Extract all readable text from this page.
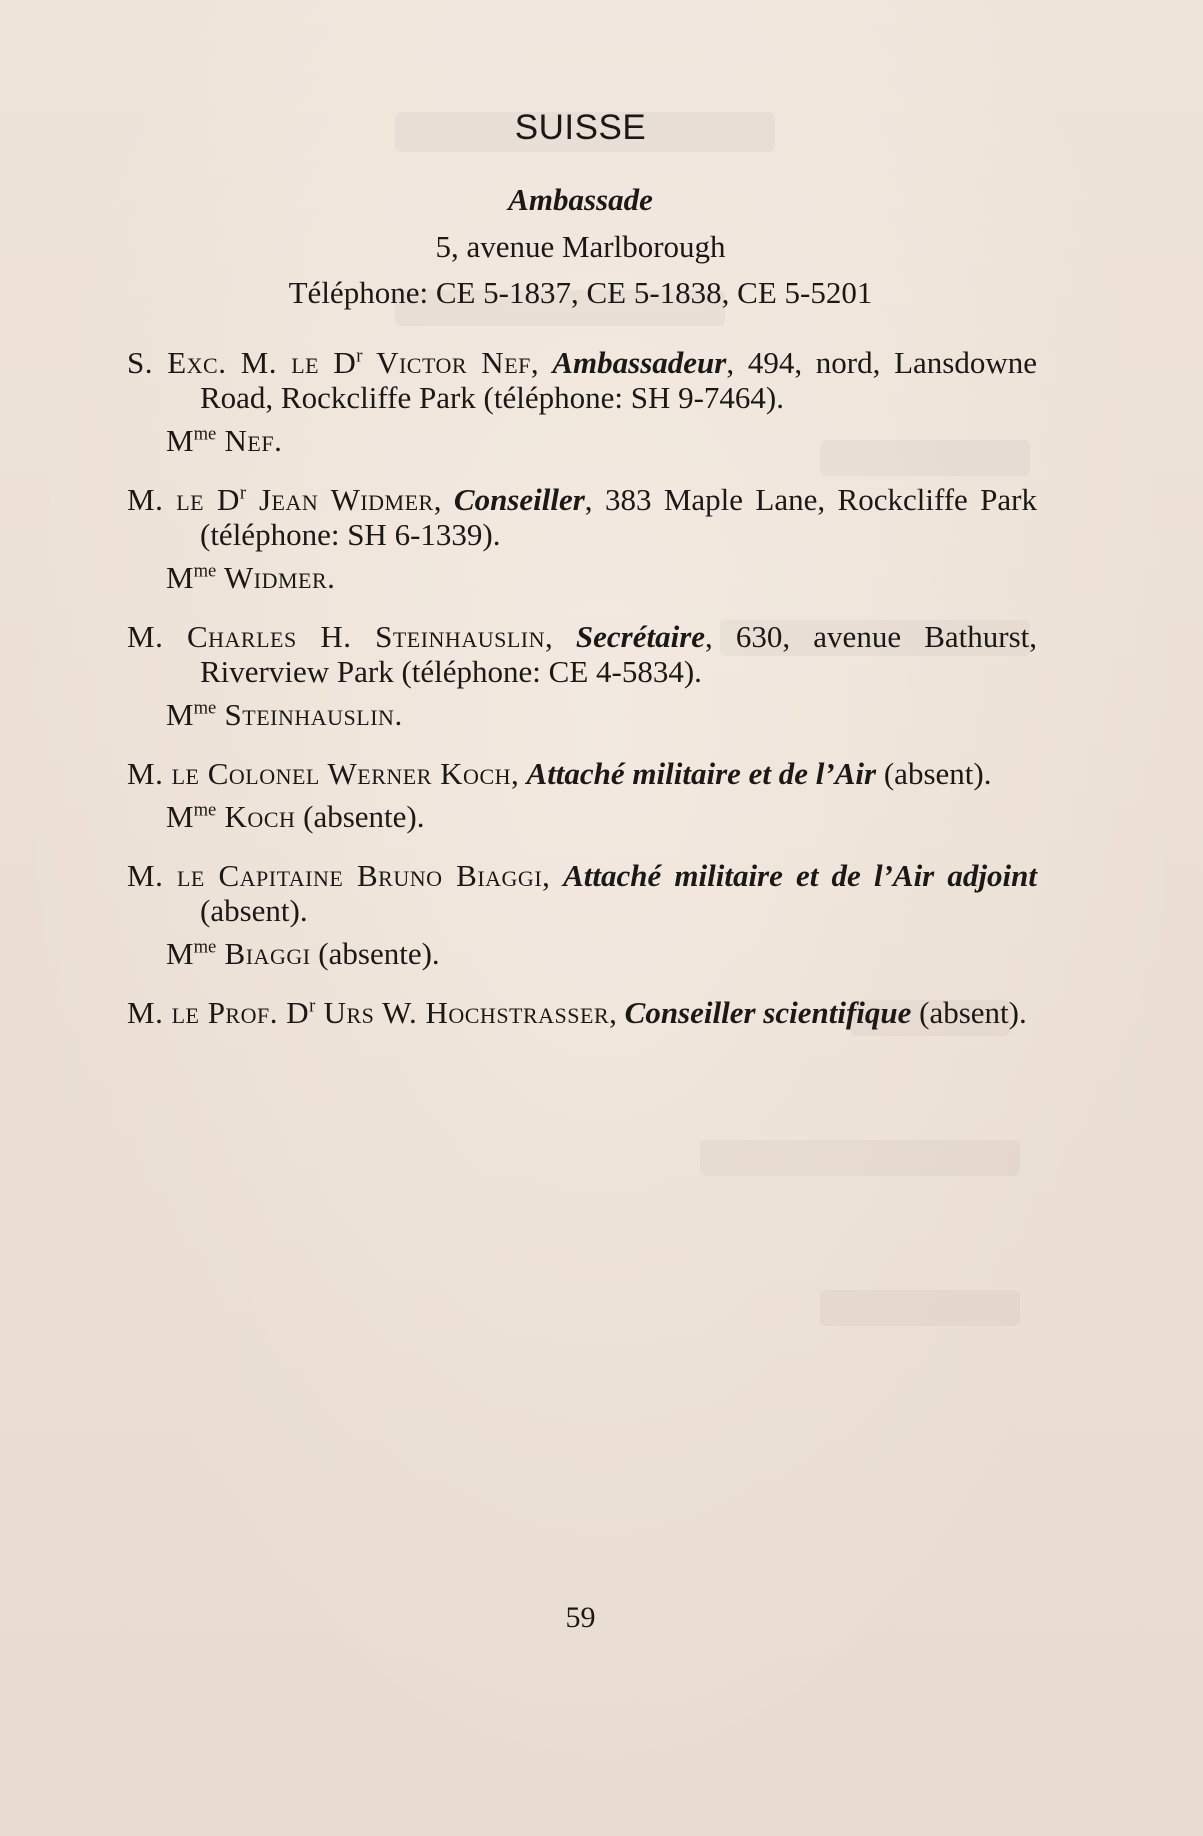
SUISSE
Ambassade
5, avenue Marlborough
Téléphone: CE 5-1837, CE 5-1838, CE 5-5201
S. Exc. M. le $D^r$ Victor Nef, Ambassadeur, 494, nord, Lansdowne Road, Rockcliffe Park (téléphone: SH 9-7464).
$M^{me}$ Nef.
M. le $D^r$ Jean Widmer, Conseiller, 383 Maple Lane, Rockcliffe Park (téléphone: SH 6-1339).
$M^{me}$ Widmer.
M. Charles H. Steinhauslin, Secrétaire, 630, avenue Bathurst, Riverview Park (téléphone: CE 4-5834).
$M^{me}$ Steinhauslin.
M. le Colonel Werner Koch, Attaché militaire et de l’Air (absent).
$M^{me}$ Koch (absente).
M. le Capitaine Bruno Biaggi, Attaché militaire et de l’Air adjoint (absent).
$M^{me}$ Biaggi (absente).
M. le Prof. $D^r$ Urs W. Hochstrasser, Conseiller scientifique (absent).
59
